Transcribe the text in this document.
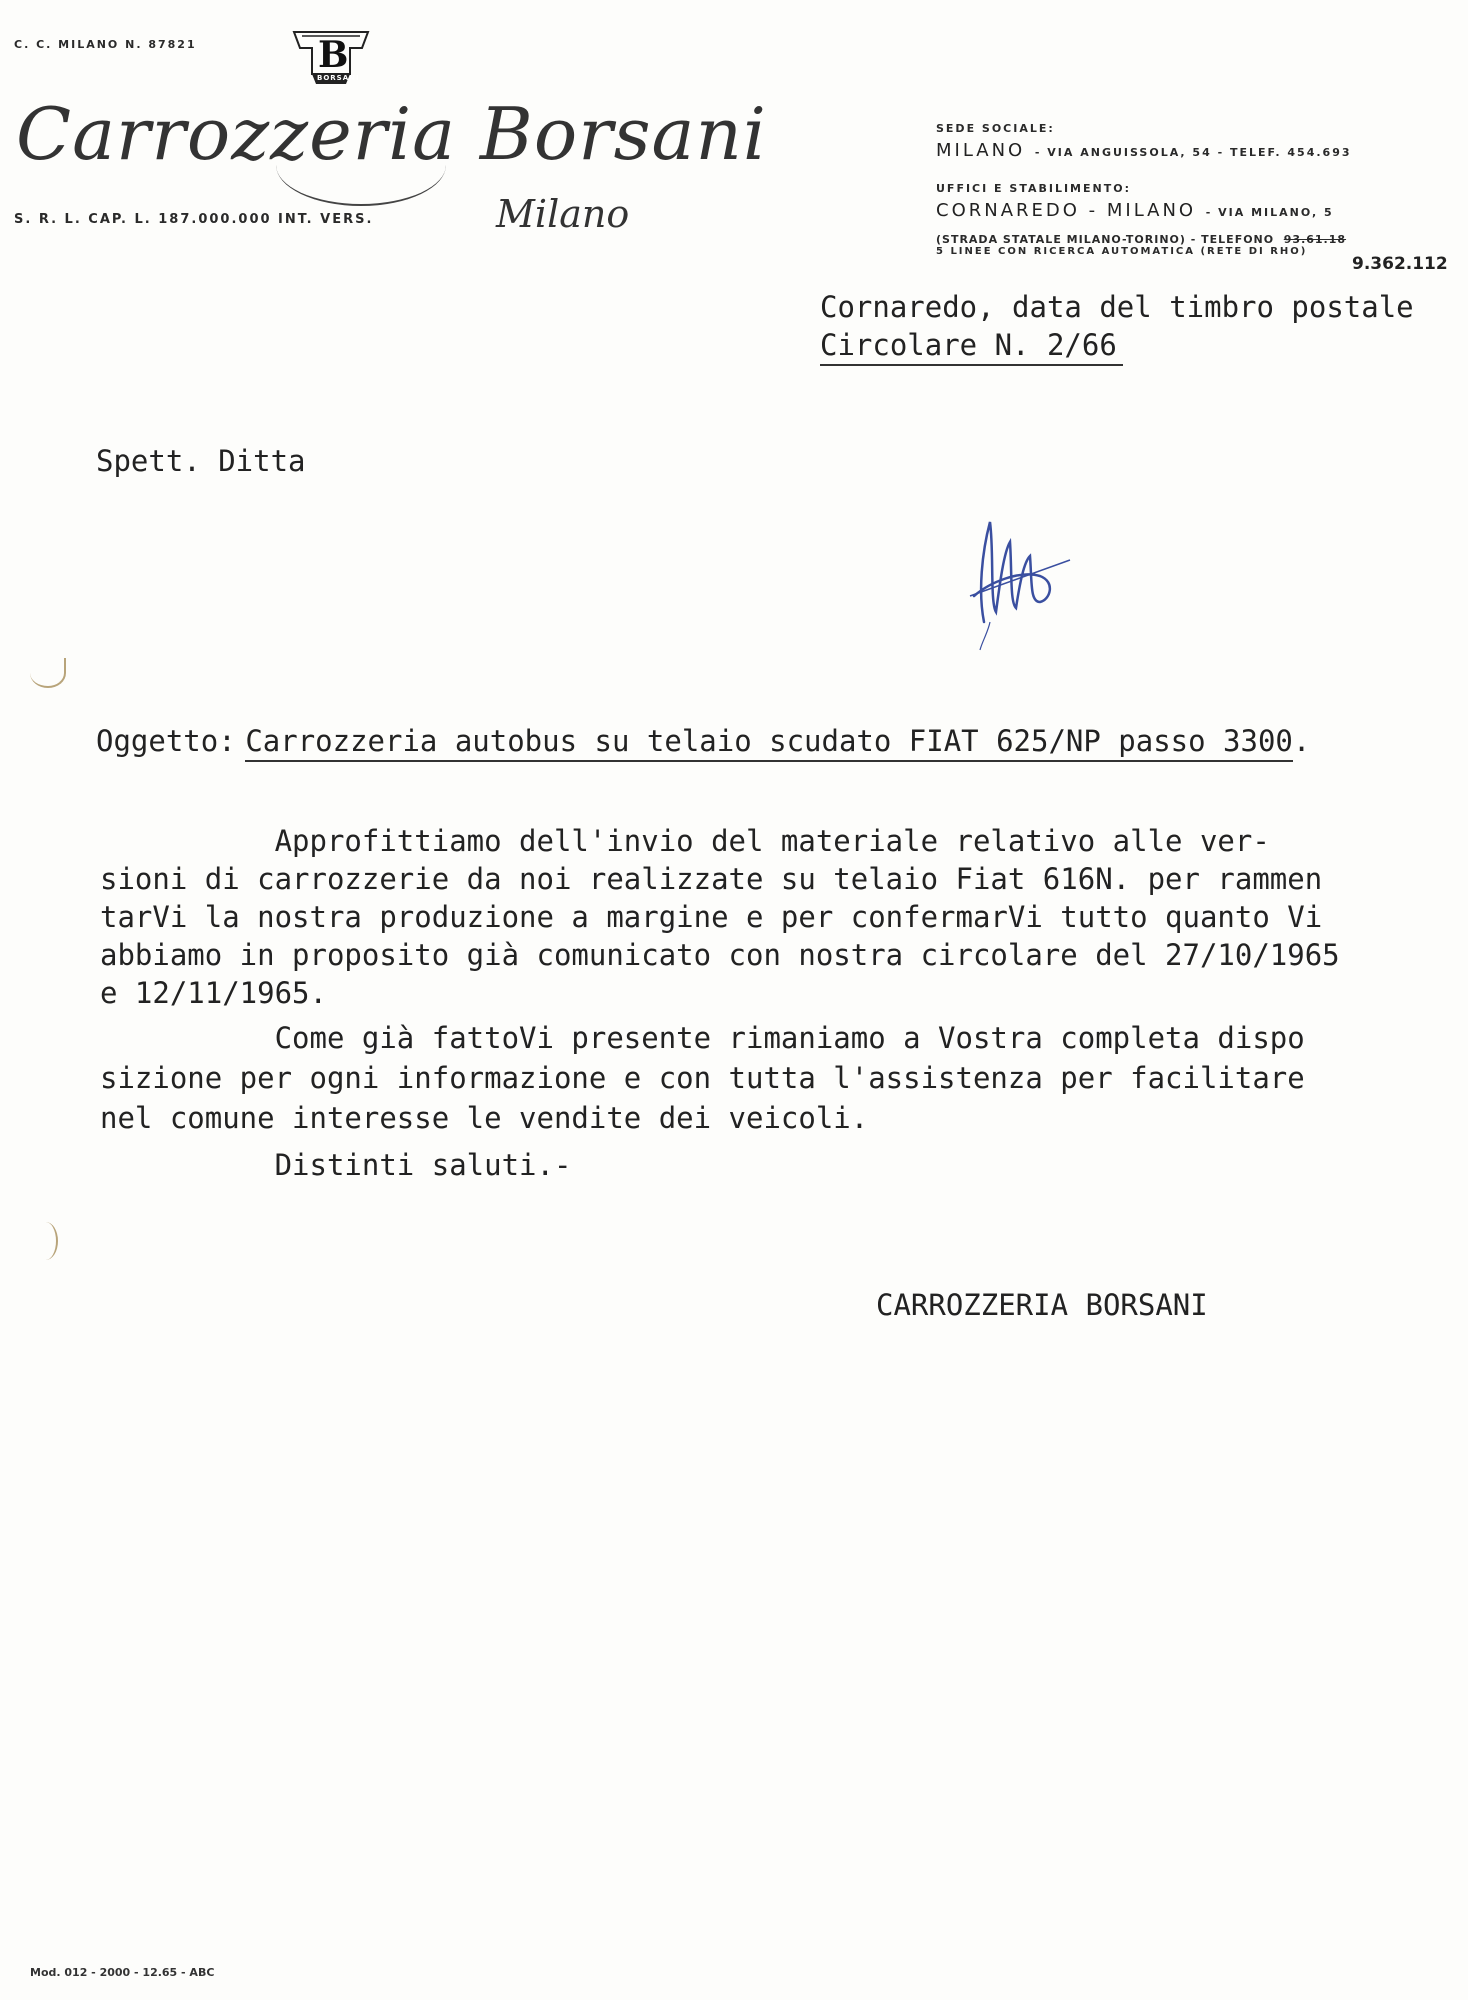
C. C. MILANO N. 87821	B
BORSANI
Carrozzeria Borsani
Milano
S. R. L. CAP. L. 187.000.000 INT. VERS.
SEDE SOCIALE:
MILANO - VIA ANGUISSOLA, 54 - TELEF. 454.693
UFFICI E STABILIMENTO:
CORNAREDO - MILANO - VIA MILANO, 5
(STRADA STATALE MILANO-TORINO) - TELEFONO 93.61.18
5 LINEE CON RICERCA AUTOMATICA (RETE DI RHO)
9.362.112
Cornaredo, data del timbro postale
Circolare N. 2/66
Spett. Ditta
Oggetto: Carrozzeria autobus su telaio scudato FIAT 625/NP passo 3300.
Approfittiamo dell'invio del materiale relativo alle ver-
sioni di carrozzerie da noi realizzate su telaio Fiat 616N. per rammen
tarVi la nostra produzione a margine e per confermarVi tutto quanto Vi
abbiamo in proposito già comunicato con nostra circolare del 27/10/1965
e 12/11/1965.
Come già fattoVi presente rimaniamo a Vostra completa dispo
sizione per ogni informazione e con tutta l'assistenza per facilitare
nel comune interesse le vendite dei veicoli.
Distinti saluti.-
CARROZZERIA BORSANI
Mod. 012 - 2000 - 12.65 - ABC
